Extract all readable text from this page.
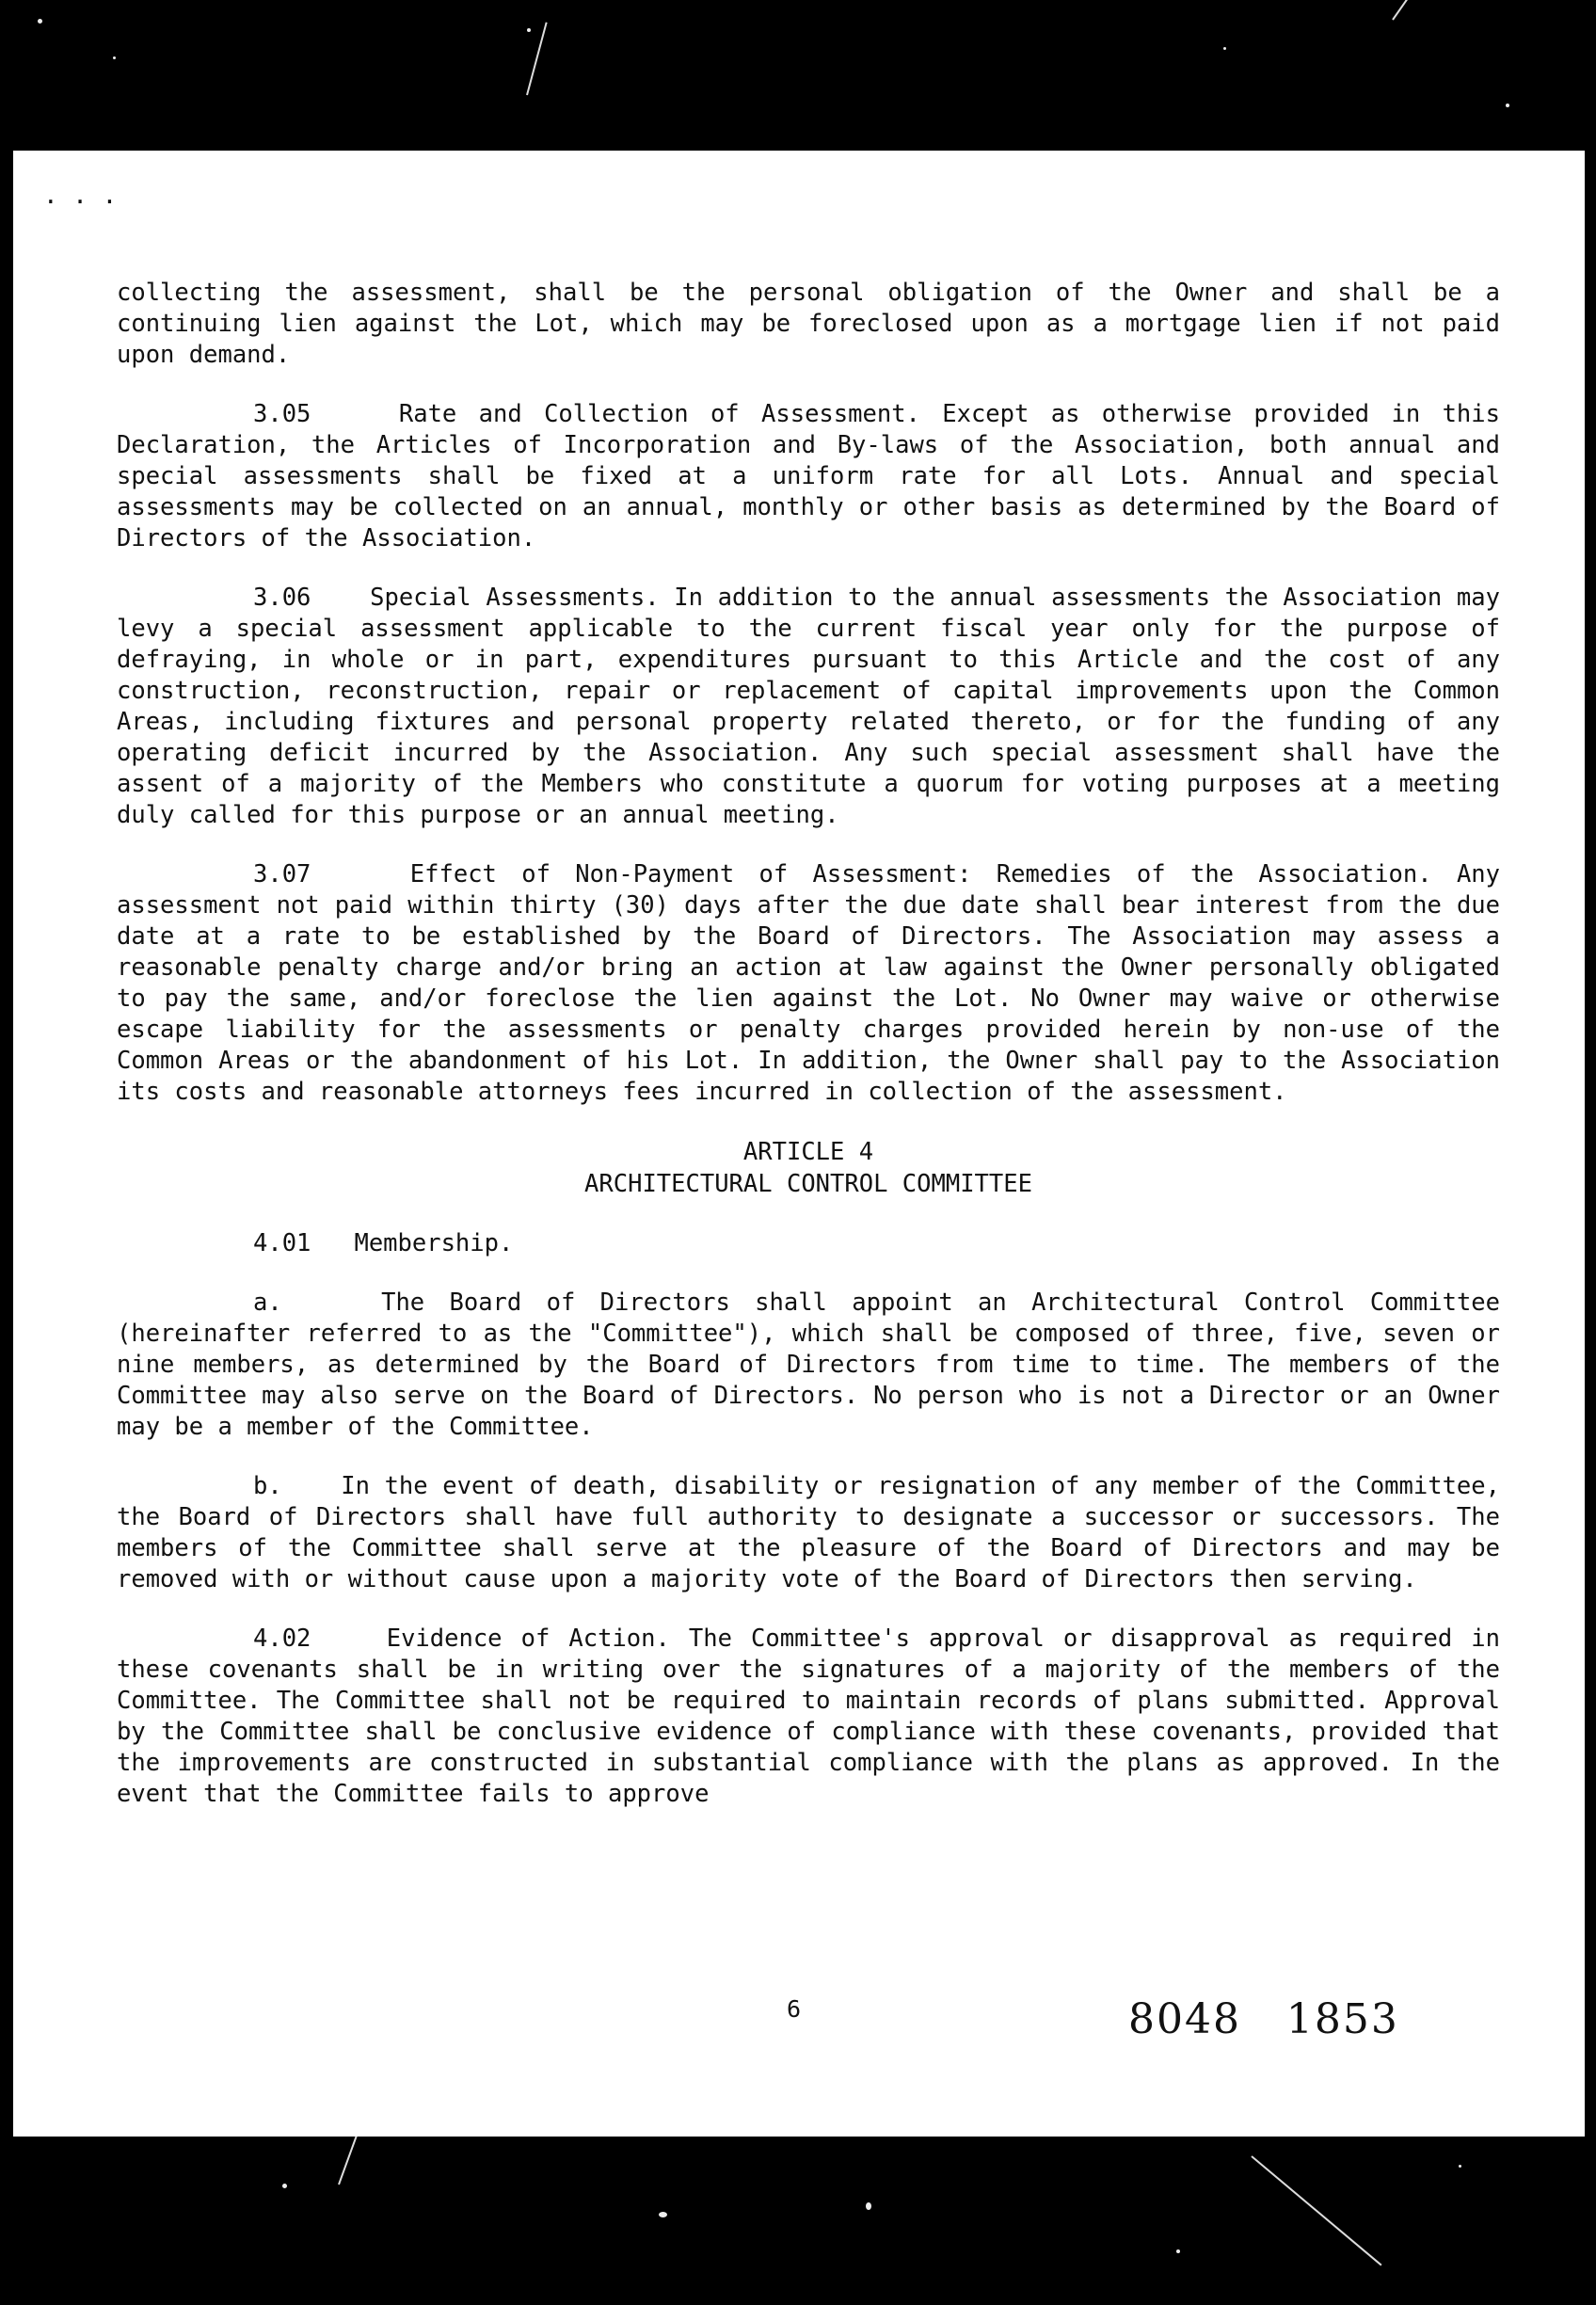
· · ·

collecting the assessment, shall be the personal obligation of the Owner and shall be a continuing lien against the Lot, which may be foreclosed upon as a mortgage lien if not paid upon demand.

3.05	Rate and Collection of Assessment. Except as otherwise provided in this Declaration, the Articles of Incorporation and By-laws of the Association, both annual and special assessments shall be fixed at a uniform rate for all Lots. Annual and special assessments may be collected on an annual, monthly or other basis as determined by the Board of Directors of the Association.

3.06 Special Assessments. In addition to the annual assessments the Association may levy a special assessment applicable to the current fiscal year only for the purpose of defraying, in whole or in part, expenditures pursuant to this Article and the cost of any construction, reconstruction, repair or replacement of capital improvements upon the Common Areas, including fixtures and personal property related thereto, or for the funding of any operating deficit incurred by the Association. Any such special assessment shall have the assent of a majority of the Members who constitute a quorum for voting purposes at a meeting duly called for this purpose or an annual meeting.

3.07	Effect of Non-Payment of Assessment: Remedies of the Association. Any assessment not paid within thirty (30) days after the due date shall bear interest from the due date at a rate to be established by the Board of Directors. The Association may assess a reasonable penalty charge and/or bring an action at law against the Owner personally obligated to pay the same, and/or foreclose the lien against the Lot. No Owner may waive or otherwise escape liability for the assessments or penalty charges provided herein by non-use of the Common Areas or the abandonment of his Lot. In addition, the Owner shall pay to the Association its costs and reasonable attorneys fees incurred in collection of the assessment.

ARTICLE 4
ARCHITECTURAL CONTROL COMMITTEE
4.01   Membership.

a.	The Board of Directors shall appoint an Architectural Control Committee (hereinafter referred to as the "Committee"), which shall be composed of three, five, seven or nine members, as determined by the Board of Directors from time to time. The members of the Committee may also serve on the Board of Directors. No person who is not a Director or an Owner may be a member of the Committee.

b. In the event of death, disability or resignation of any member of the Committee, the Board of Directors shall have full authority to designate a successor or successors. The members of the Committee shall serve at the pleasure of the Board of Directors and may be removed with or without cause upon a majority vote of the Board of Directors then serving.

4.02	Evidence of Action. The Committee's approval or disapproval as required in these covenants shall be in writing over the signatures of a majority of the members of the Committee. The Committee shall not be required to maintain records of plans submitted. Approval by the Committee shall be conclusive evidence of compliance with these covenants, provided that the improvements are constructed in substantial compliance with the plans as approved. In the event that the Committee fails to approve

6	8048   1853
